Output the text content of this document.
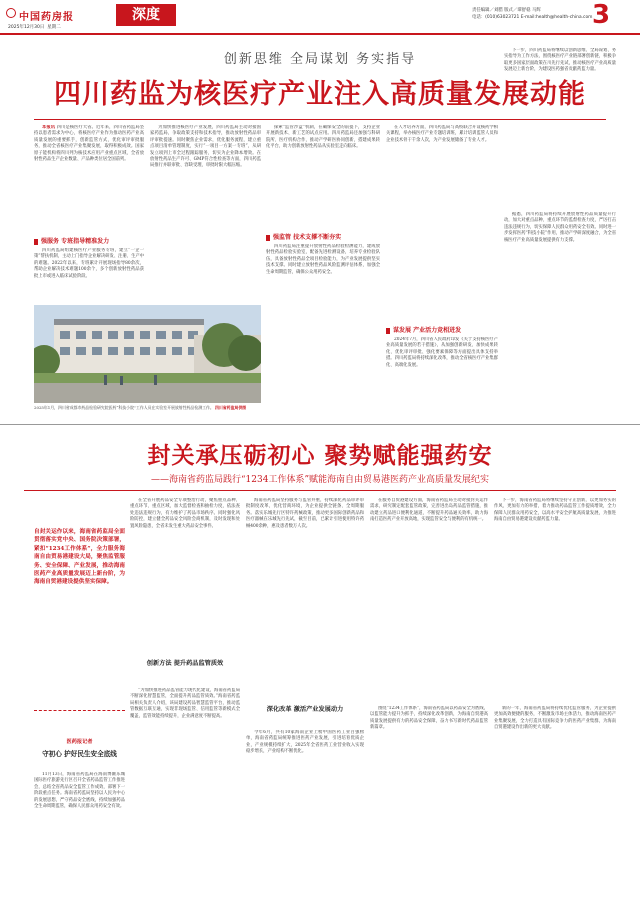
中国药房报
2025年12月30日 星期二
深度	责任编辑／刘腊 版式／谭舒稳 马辉
电话：(010)63023721 E-mail:health@health-china.com 3
创新思维 全局谋划 务实指导
四川药监为核医疗产业注入高质量发展动能

本报讯 四川是核医疗大省。近年来，四川省药监局坚持以患者需求为中心，将核医疗产业作为推动医药产业高质量发展的重要抓手，创新监管方式，优化审评审批服务，推动全省核医疗产业集聚发展，取得积极成效。国家原子能机构将四川列为核技术应用产业重点区域，全省放射性药品生产企业数量、产品种类位居全国前列。

强服务 专班指导精准发力

四川药监局组建核医疗产业服务专班，建立“一企一策”帮扶机制，主动上门指导企业解决研发、注册、生产中的难题。2022年以来，专班累计开展现场指导80余次，帮助企业解决技术难题100余个，多个创新放射性药品获批上市或进入临床试验阶段。

2025年1月，四川省成都市药品检验研究院医药“科技小院”工作人员在实验室开展放射性药品检测工作。 四川省药监局供图

为加快推进核医疗产业发展，四川药监局主动对接国家药监局，争取政策支持和技术指导，推动放射性药品审评审批提速。同时聚焦企业需求，优化服务流程，建立重点项目清单管理制度，实行“一项目一方案一专班”，从研发立项到上市全过程跟踪服务，切实为企业降本增效。在放射性药品生产许可、GMP符合性检查等方面，四川药监局推行并联审批、容缺受理，审批时限大幅压缩。

探索“监管沙盒”机制，在确保安全的前提下，支持企业开展新技术、新工艺的试点应用。四川药监局还加强与科研院所、医疗机构合作，推动产学研医协同创新，搭建成果转化平台，助力创新放射性药品从实验室走向临床。

强监管 技术支撑不断夯实

四川药监局注重提升放射性药品检验检测能力，建成放射性药品检验实验室，配备先进检测设备，培养专业检验队伍，具备放射性药品全项目检验能力，为产业发展提供坚实技术支撑。同时建立放射性药品风险监测评估体系，加强全生命周期监管，确保公众用药安全。

在人才培养方面，四川药监局与高校联合开设核药学相关课程，举办核医疗产业专题培训班，累计培训监管人员和企业技术骨干千余人次，为产业发展储备了专业人才。

谋发展 产业活力竞相迸发

2024年7月，四川省人民政府印发《关于支持核医疗产业高质量发展的若干措施》，从加强创新研发、加快成果转化、优化审评审批、强化要素保障等方面提出具体支持举措。四川药监局将持续深化改革，推动全省核医疗产业集群化、高端化发展。

下一步，四川药监局将继续以创新思维、全局谋划、务实指导为工作方法，围绕核医疗产业链部署创新链，积极争取更多国家层面政策在川先行先试，推动核医疗产业高质量发展迈上新台阶，为建设医药强省贡献药监力量。

据悉，四川药监局将持续开展放射性药品质量提升行动，加大对重点品种、重点环节的监督检查力度，严厉打击违法违规行为，切实保障人民群众用药安全有效。同时进一步发挥医药“科技小院”作用，推动产学研深度融合，为全省核医疗产业高质量发展提供有力支撑。

封关承压砺初心 聚势赋能强药安
——海南省药监局践行“1234工作体系”赋能海南自由贸易港医药产业高质量发展纪实
自封关运作以来，海南省药监局全面贯彻落实党中央、国务院决策部署，紧扣“1234工作体系”，全力服务海南自由贸易港建设大局，聚焦监管服务、安全保障、产业发展，推动海南医药产业高质量发展迈上新台阶，为海南自贸港建设提供坚实保障。
医药报记者
守初心 护好民生安全底线

11月13日，海南省药监局在海南博鳌乐城国际医疗旅游先行区召开全省药品监管工作推进会，总结全省药品安全监管工作成效，部署下一阶段重点任务。海南省药监局坚持以人民为中心的发展思想，严守药品安全底线，持续加强药品全生命周期监管，确保人民群众用药安全有效。

在全省开展药品安全专项整治行动，聚焦重点品种、重点环节、重点区域，加大监督检查和抽检力度，依法查处违法违规行为，有力维护了药品市场秩序。同时强化风险防控，建立健全药品安全风险会商机制，及时发现和处置风险隐患，全省未发生重大药品安全事件。

创新方法 提升药品监管质效

“为加快推进药品监管能力现代化建设，海南省药监局不断深化智慧监管，全面提升药品监管质效。”海南省药监局相关负责人介绍，该局建设药品智慧监管平台，推动监管数据互联互通，实现非现场监管、信用监管等新模式全覆盖，监管效能持续提升，企业满意度不断提高。

海南省药监局坚持服务与监管并重，持续深化药品审评审批制度改革，优化营商环境，为企业提供全链条、全周期服务。落实乐城先行区特许药械政策，推动更多国际创新药品和医疗器械在乐城先行先试，截至目前，已累计引进使用特许药械400余种，惠及患者数万人次。

深化改革 激活产业发展动力

今年6月，共有10家海南企业上榜中国医药工业百强榜单，海南省药监局统筹推进医药产业发展，引进培育优质企业，产业规模持续扩大，2025年全省医药工业营业收入实现稳步增长，产业结构不断优化。

在服务自贸港建设方面，海南省药监局主动对接封关运作需求，研究制定配套监管政策，完善进出岛药品监管措施，推动建立药品进口便利化通道，不断提升药品通关效率，助力海南打造医药产业开放高地，实现监管安全与便利的有机统一。

围绕“1234工作体系”，海南省药监局以药品安全为底线，以监管能力提升为抓手，持续深化改革创新，为海南自贸港高质量发展提供有力的药品安全保障，奋力书写新时代药品监管新篇章。

下一步，海南省药监局将继续坚持守正创新，以更加务实的作风、更加有力的举措，着力推动药品监管工作提质增效，全力保障人民群众用药安全，以高水平安全护航高质量发展，为推进海南自由贸易港建设贡献药监力量。

新的一年，海南省药监局将持续优化监管服务，为企业提供更加高效便捷的服务，不断激发市场主体活力，推动海南医药产业集聚发展，全力打造具有国际竞争力的医药产业集群，为海南自贸港建设作出新的更大贡献。
